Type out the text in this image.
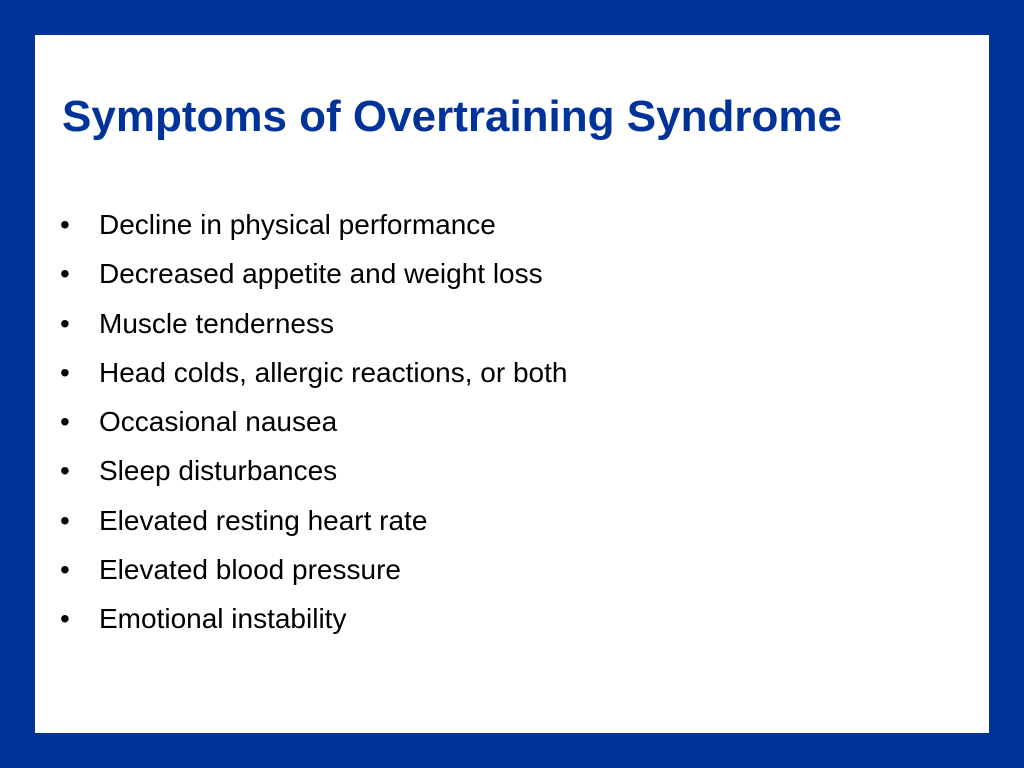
Symptoms of Overtraining Syndrome
• Decline in physical performance
• Decreased appetite and weight loss
• Muscle tenderness
• Head colds, allergic reactions, or both
• Occasional nausea
• Sleep disturbances
• Elevated resting heart rate
• Elevated blood pressure
• Emotional instability
